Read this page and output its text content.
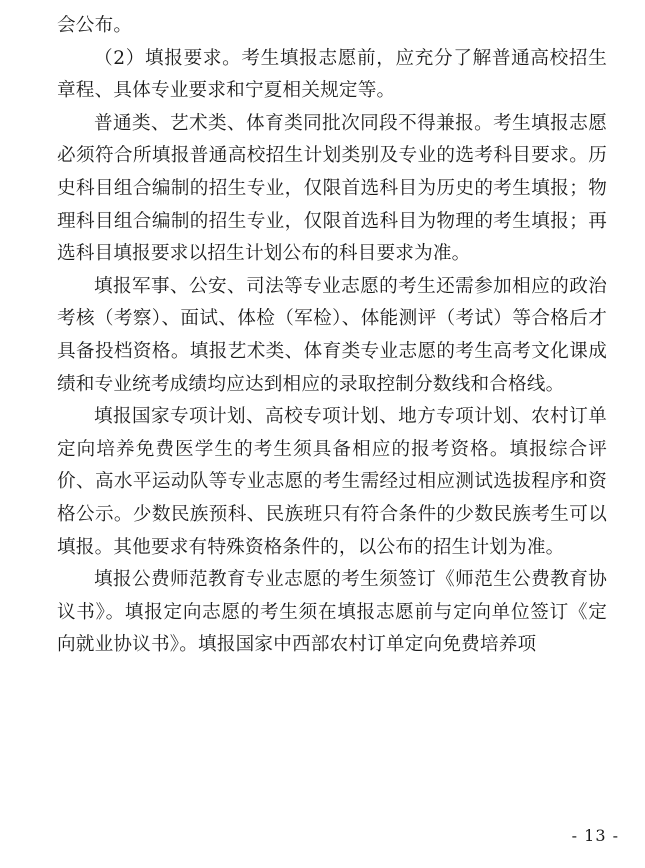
会公布。

（2）填报要求。考生填报志愿前，应充分了解普通高校招生章程、具体专业要求和宁夏相关规定等。

普通类、艺术类、体育类同批次同段不得兼报。考生填报志愿必须符合所填报普通高校招生计划类别及专业的选考科目要求。历史科目组合编制的招生专业，仅限首选科目为历史的考生填报；物理科目组合编制的招生专业，仅限首选科目为物理的考生填报；再选科目填报要求以招生计划公布的科目要求为准。

填报军事、公安、司法等专业志愿的考生还需参加相应的政治考核（考察）、面试、体检（军检）、体能测评（考试）等合格后才具备投档资格。填报艺术类、体育类专业志愿的考生高考文化课成绩和专业统考成绩均应达到相应的录取控制分数线和合格线。

填报国家专项计划、高校专项计划、地方专项计划、农村订单定向培养免费医学生的考生须具备相应的报考资格。填报综合评价、高水平运动队等专业志愿的考生需经过相应测试选拔程序和资格公示。少数民族预科、民族班只有符合条件的少数民族考生可以填报。其他要求有特殊资格条件的，以公布的招生计划为准。

填报公费师范教育专业志愿的考生须签订《师范生公费教育协议书》。填报定向志愿的考生须在填报志愿前与定向单位签订《定向就业协议书》。填报国家中西部农村订单定向免费培养项

- 13 -
